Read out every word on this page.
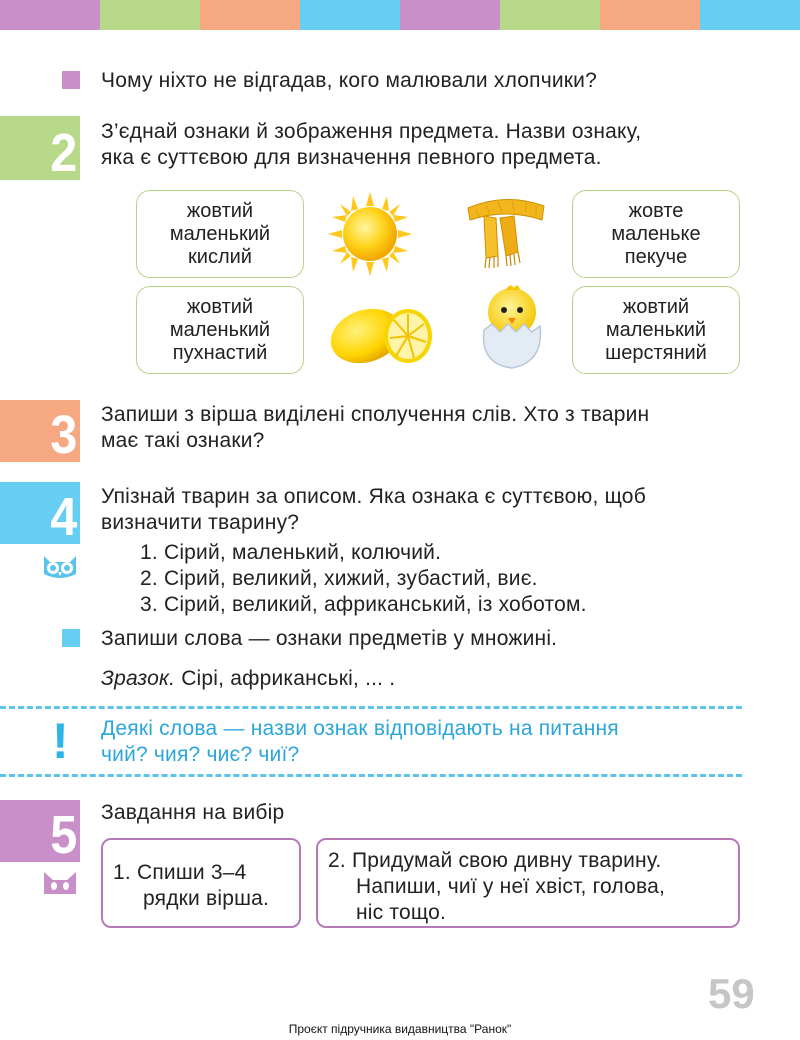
Чому ніхто не відгадав, кого малювали хлопчики?
2 З’єднай ознаки й зображення предмета. Назви ознаку,
яка є суттєвою для визначення певного предмета.
жовтий
маленький
кислий
жовте
маленьке
пекуче
жовтий
маленький
пухнастий
жовтий
маленький
шерстяний
3 Запиши з вірша виділені сполучення слів. Хто з тварин
має такі ознаки?
4 Упізнай тварин за описом. Яка ознака є суттєвою, щоб
визначити тварину?
1. Сірий, маленький, колючий.
2. Сірий, великий, хижий, зубастий, виє.
3. Сірий, великий, африканський, із хоботом.
Запиши слова — ознаки предметів у множині.
Зразок. Сірі, африканські, ... .
! Деякі слова — назви ознак відповідають на питання
чий? чия? чиє? чиї?
5 Завдання на вибір
1. Спиши 3–4
рядки вірша.
2. Придумай свою дивну тварину.
Напиши, чиї у неї хвіст, голова,
ніс тощо.
59
Проєкт підручника видавництва "Ранок"
